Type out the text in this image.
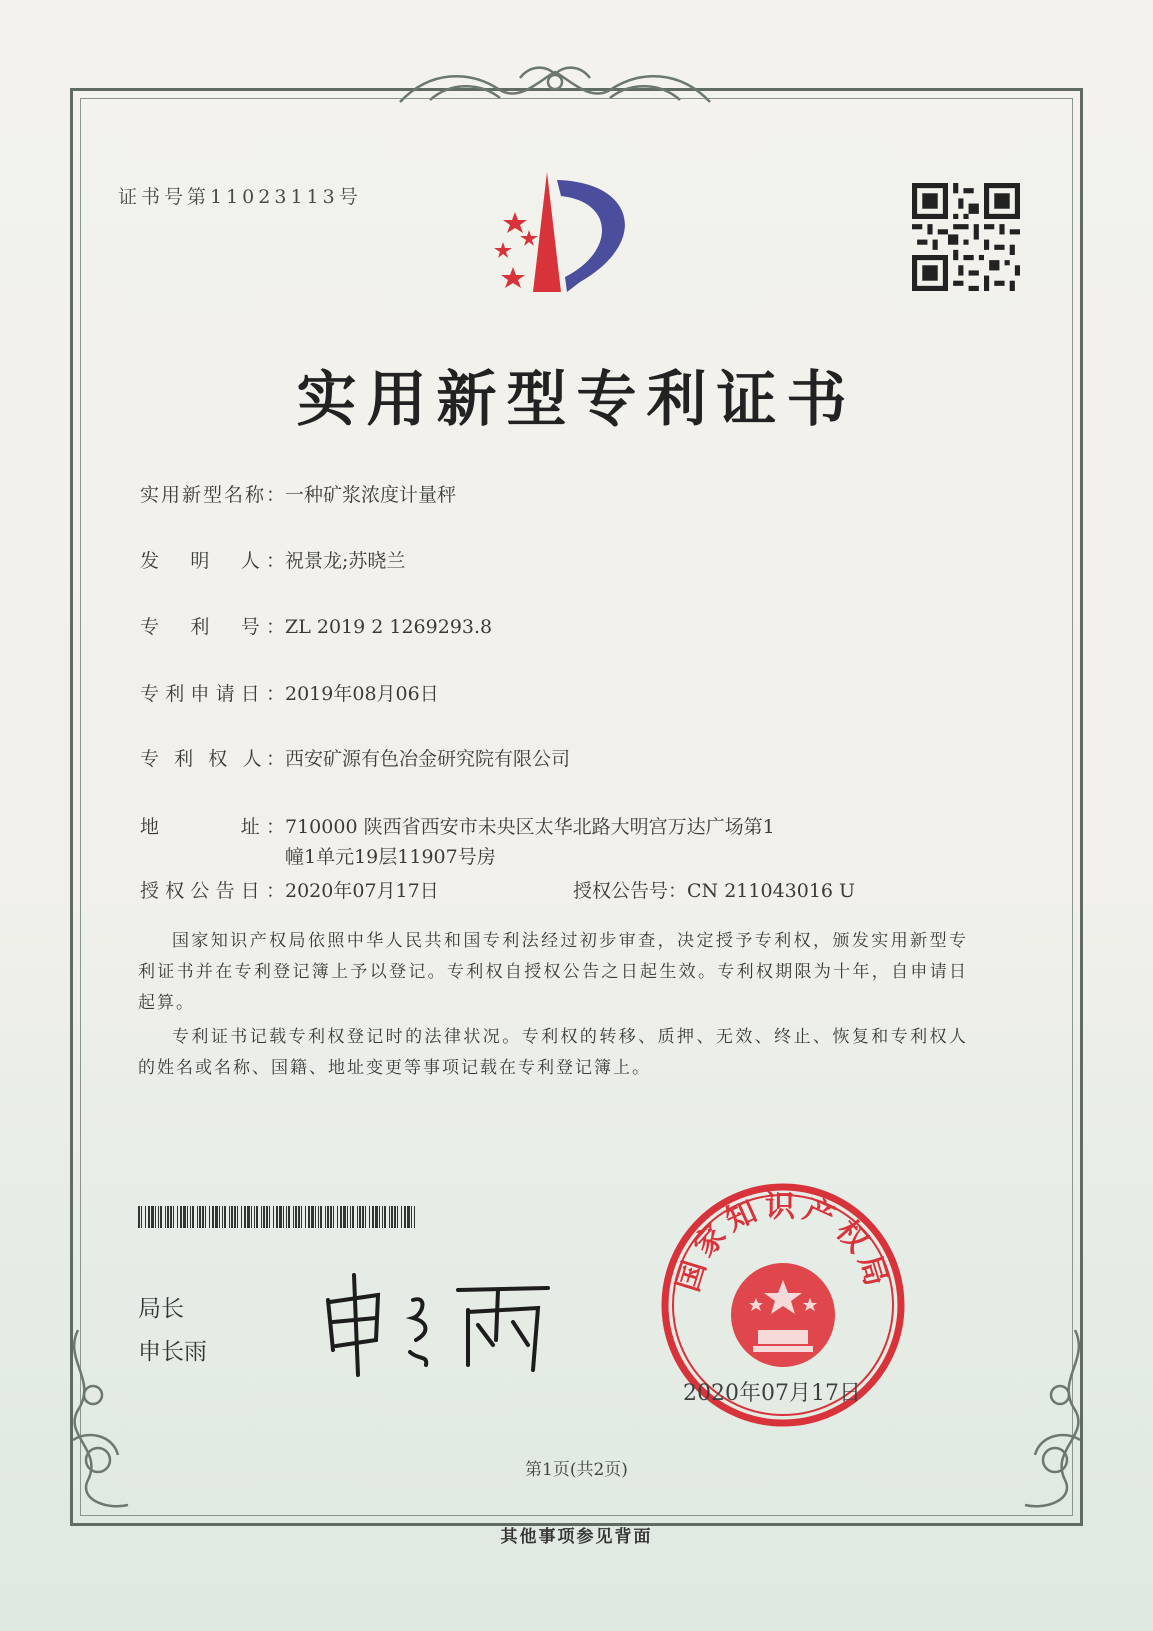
证书号第11023113号
实用新型专利证书
实用新型名称：一种矿浆浓度计量秤
发　明　人：祝景龙;苏晓兰
专　利　号：ZL 2019 2 1269293.8
专利申请日：2019年08月06日
专 利 权 人：西安矿源有色冶金研究院有限公司
地　　　址：710000 陕西省西安市未央区太华北路大明宫万达广场第1
幢1单元19层11907号房
授权公告日：2020年07月17日	授权公告号：CN 211043016 U
国家知识产权局依照中华人民共和国专利法经过初步审查，决定授予专利权，颁发实用新型专利证书并在专利登记簿上予以登记。专利权自授权公告之日起生效。专利权期限为十年，自申请日起算。
专利证书记载专利权登记时的法律状况。专利权的转移、质押、无效、终止、恢复和专利权人的姓名或名称、国籍、地址变更等事项记载在专利登记簿上。
局长
申长雨
国家知识产权局
2020年07月17日
第1页(共2页)
其他事项参见背面
